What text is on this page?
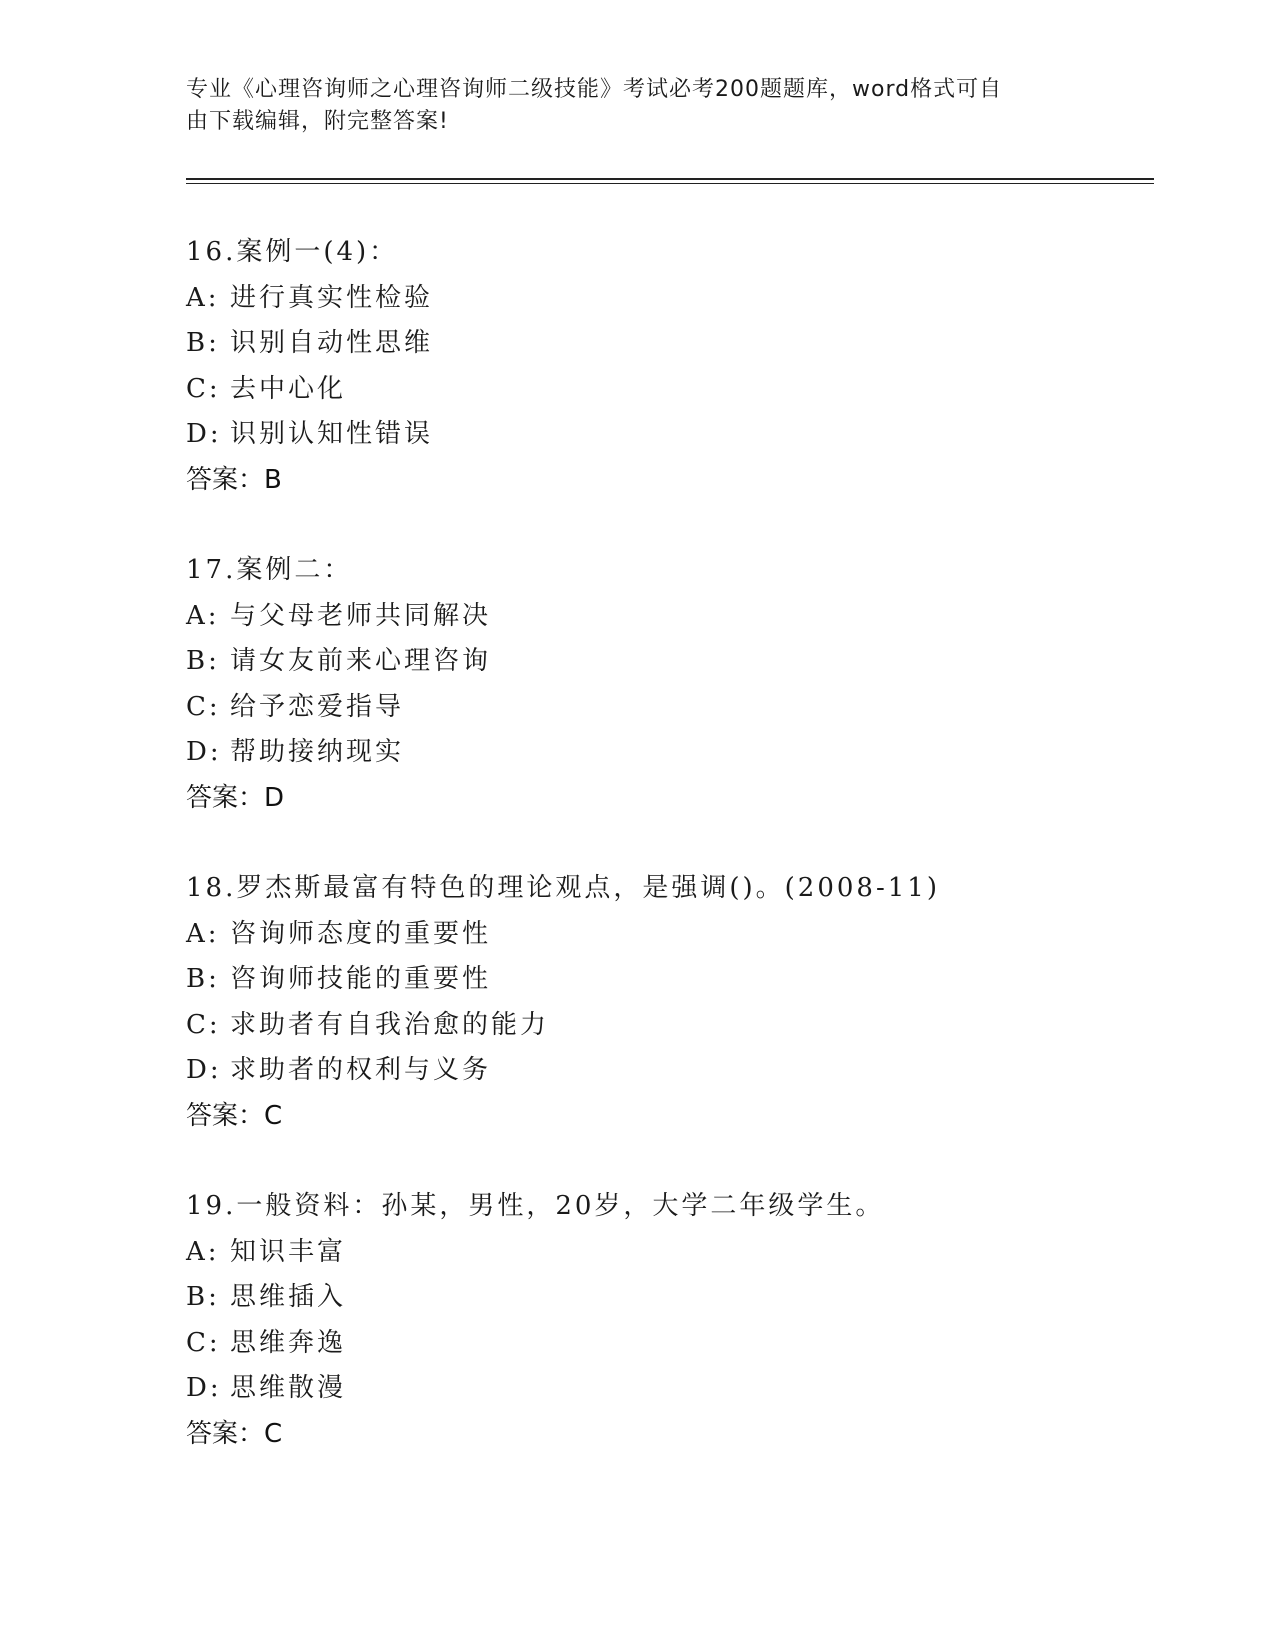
专业《心理咨询师之心理咨询师二级技能》考试必考200题题库，word格式可自
由下载编辑，附完整答案!
16.案例一(4)：
A: 进行真实性检验
B: 识别自动性思维
C: 去中心化
D: 识别认知性错误
答案：B
17.案例二：
A: 与父母老师共同解决
B: 请女友前来心理咨询
C: 给予恋爱指导
D: 帮助接纳现实
答案：D
18.罗杰斯最富有特色的理论观点，是强调()。(2008-11)
A: 咨询师态度的重要性
B: 咨询师技能的重要性
C: 求助者有自我治愈的能力
D: 求助者的权利与义务
答案：C
19.一般资料：孙某，男性，20岁，大学二年级学生。
A: 知识丰富
B: 思维插入
C: 思维奔逸
D: 思维散漫
答案：C
